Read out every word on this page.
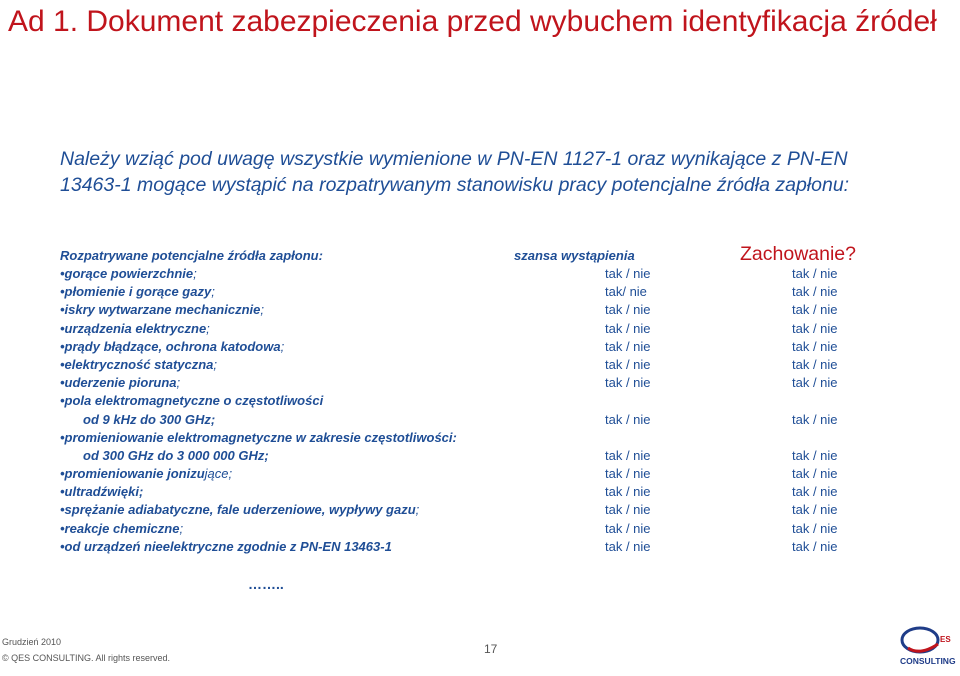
Ad 1. Dokument zabezpieczenia przed wybuchem identyfikacja źródeł
Należy wziąć pod uwagę wszystkie wymienione w PN-EN 1127-1 oraz wynikające z PN-EN 13463-1 mogące wystąpić na rozpatrywanym stanowisku pracy potencjalne źródła zapłonu:
Rozpatrywane potencjalne źródła zapłonu:	szansa wystąpienia	Zachowanie?
•gorące powierzchnie;	tak / nie	tak / nie
•płomienie i gorące gazy;	tak/ nie	tak / nie
•iskry wytwarzane mechanicznie;	tak / nie	tak / nie
•urządzenia elektryczne;	tak / nie	tak / nie
•prądy błądzące, ochrona katodowa;	tak / nie	tak / nie
•elektryczność statyczna;	tak / nie	tak / nie
•uderzenie pioruna;	tak / nie	tak / nie
•pola elektromagnetyczne o częstotliwości
od 9 kHz do 300 GHz;	tak / nie	tak / nie
•promieniowanie elektromagnetyczne w zakresie częstotliwości:
od 300 GHz do 3 000 000 GHz;	tak / nie	tak / nie
•promieniowanie jonizujące;	tak / nie	tak / nie
•ultradźwięki;	tak / nie	tak / nie
•sprężanie adiabatyczne, fale uderzeniowe, wypływy gazu;	tak / nie	tak / nie
•reakcje chemiczne;	tak / nie	tak / nie
•od urządzeń nieelektryczne zgodnie z PN-EN 13463-1	tak / nie	tak / nie
……..
Grudzień 2010
© QES CONSULTING. All rights reserved.
17
ES
CONSULTING
